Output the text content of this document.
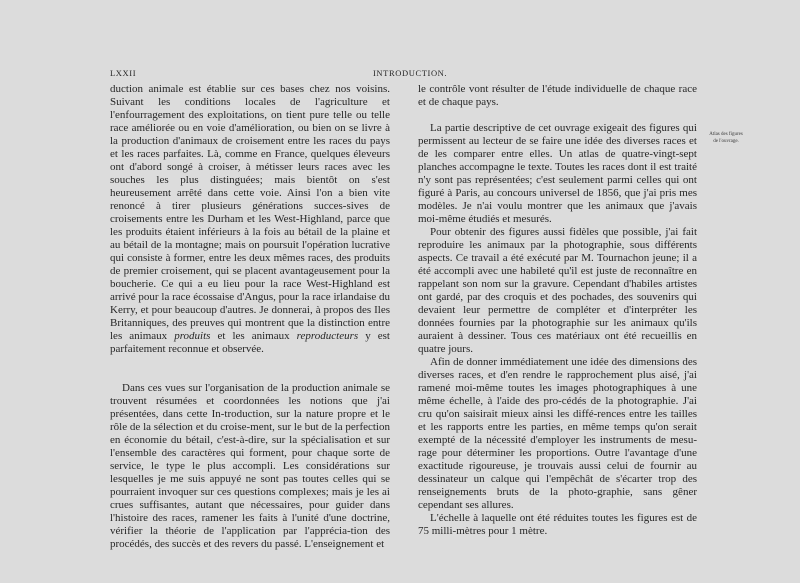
LXXII	INTRODUCTION.

duction animale est établie sur ces bases chez nos voisins. Suivant les conditions locales de l'agriculture et l'enfourragement des exploitations, on tient pure telle ou telle race améliorée ou en voie d'amélioration, ou bien on se livre à la production d'animaux de croisement entre les races du pays et les races parfaites. Là, comme en France, quelques éleveurs ont d'abord songé à croiser, à métisser leurs races avec les souches les plus distinguées; mais bientôt on s'est heureusement arrêté dans cette voie. Ainsi l'on a bien vite renoncé à tirer plusieurs générations succes-sives de croisements entre les Durham et les West-Highland, parce que les produits étaient inférieurs à la fois au bétail de la plaine et au bétail de la montagne; mais on poursuit l'opération lucrative qui consiste à former, entre les deux mêmes races, des produits de premier croisement, qui se placent avantageusement pour la boucherie. Ce qui a eu lieu pour la race West-Highland est arrivé pour la race écossaise d'Angus, pour la race irlandaise du Kerry, et pour beaucoup d'autres. Je donnerai, à propos des Iles Britanniques, des preuves qui montrent que la distinction entre les animaux produits et les animaux reproducteurs y est parfaitement reconnue et observée.

Dans ces vues sur l'organisation de la production animale se trouvent résumées et coordonnées les notions que j'ai présentées, dans cette In-troduction, sur la nature propre et le rôle de la sélection et du croise-ment, sur le but de la perfection en économie du bétail, c'est-à-dire, sur la spécialisation et sur l'ensemble des caractères qui forment, pour chaque sorte de service, le type le plus accompli. Les considérations sur lesquelles je me suis appuyé ne sont pas toutes celles qui se pourraient invoquer sur ces questions complexes; mais je les ai crues suffisantes, autant que nécessaires, pour guider dans l'histoire des races, ramener les faits à l'unité d'une doctrine, vérifier la théorie de l'application par l'apprécia-tion des procédés, des succès et des revers du passé. L'enseignement et

le contrôle vont résulter de l'étude individuelle de chaque race et de chaque pays.

La partie descriptive de cet ouvrage exigeait des figures qui permissent au lecteur de se faire une idée des diverses races et de les comparer entre elles. Un atlas de quatre-vingt-sept planches accompagne le texte. Toutes les races dont il est traité n'y sont pas représentées; c'est seulement parmi celles qui ont figuré à Paris, au concours universel de 1856, que j'ai pris mes modèles. Je n'ai voulu montrer que les animaux que j'avais moi-même étudiés et mesurés.

Pour obtenir des figures aussi fidèles que possible, j'ai fait reproduire les animaux par la photographie, sous différents aspects. Ce travail a été exécuté par M. Tournachon jeune; il a été accompli avec une habileté qu'il est juste de reconnaître en rappelant son nom sur la gravure. Cependant d'habiles artistes ont gardé, par des croquis et des pochades, des souvenirs qui devaient leur permettre de compléter et d'interpréter les données fournies par la photographie sur les animaux qu'ils auraient à dessiner. Tous ces matériaux ont été recueillis en quatre jours.

Afin de donner immédiatement une idée des dimensions des diverses races, et d'en rendre le rapprochement plus aisé, j'ai ramené moi-même toutes les images photographiques à une même échelle, à l'aide des pro-cédés de la photographie. J'ai cru qu'on saisirait mieux ainsi les diffé-rences entre les tailles et les rapports entre les parties, en même temps qu'on serait exempté de la nécessité d'employer les instruments de mesu-rage pour déterminer les proportions. Outre l'avantage d'une exactitude rigoureuse, je trouvais aussi celui de fournir au dessinateur un calque qui l'empêchât de s'écarter trop des renseignements bruts de la photo-graphie, sans gêner cependant ses allures.

L'échelle à laquelle ont été réduites toutes les figures est de 75 milli-mètres pour 1 mètre.

Atlas des figures
de l'ouvrage.
